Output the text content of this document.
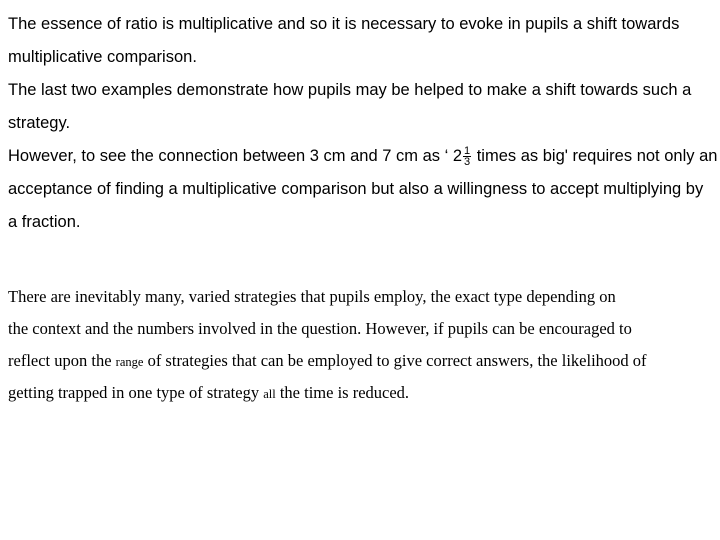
The essence of ratio is multiplicative and so it is necessary to evoke in pupils a shift towards
multiplicative comparison.
The last two examples demonstrate how pupils may be helped to make a shift towards such a
strategy.
However, to see the connection between 3 cm and 7 cm as ‘ $2 \frac{1}{3}$ times as big' requires not only an
acceptance of finding a multiplicative comparison but also a willingness to accept multiplying by
a fraction.
There are inevitably many, varied strategies that pupils employ, the exact type depending on
the context and the numbers involved in the question. However, if pupils can be encouraged to
reflect upon the range of strategies that can be employed to give correct answers, the likelihood of
getting trapped in one type of strategy all the time is reduced.
